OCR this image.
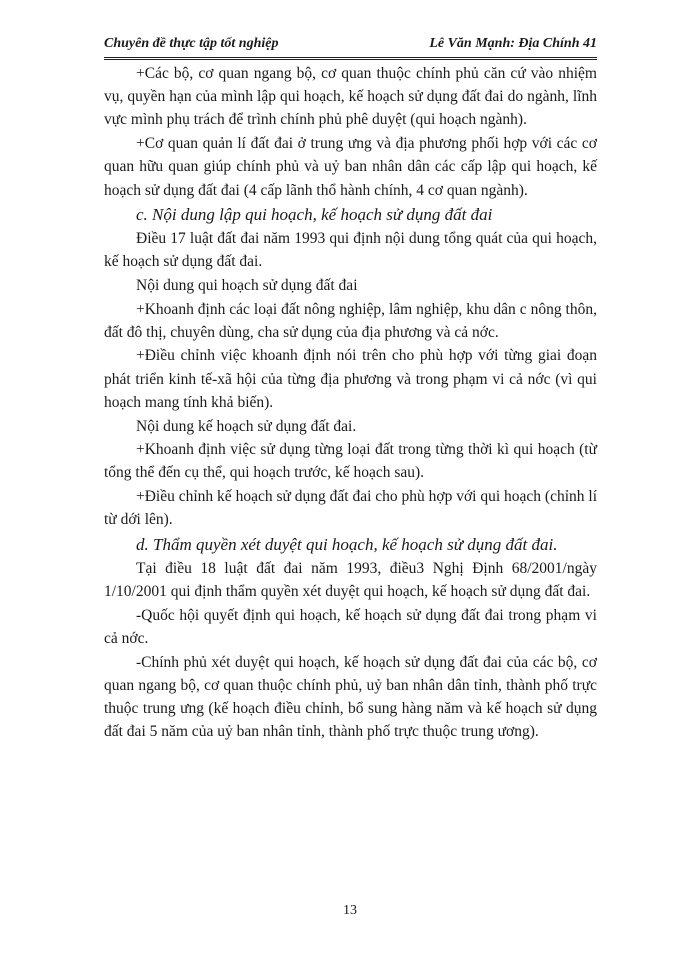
Chuyên đề thực tập tốt nghiệp	Lê Văn Mạnh: Địa Chính 41

+Các bộ, cơ quan ngang bộ, cơ quan thuộc chính phủ căn cứ vào nhiệm vụ, quyền hạn của mình lập qui hoạch, kế hoạch sử dụng đất đai do ngành, lĩnh vực mình phụ trách để trình chính phủ phê duyệt (qui hoạch ngành).

+Cơ quan quản lí đất đai ở trung ưng và địa phương phối hợp với các cơ quan hữu quan giúp chính phủ và uỷ ban nhân dân các cấp lập qui hoạch, kế hoạch sử dụng đất đai (4 cấp lãnh thổ hành chính, 4 cơ quan ngành).

c. Nội dung lập qui hoạch, kế hoạch sử dụng đất đai

Điều 17 luật đất đai năm 1993 qui định nội dung tổng quát của qui hoạch, kế hoạch sử dụng đất đai.

Nội dung qui hoạch sử dụng đất đai

+Khoanh định các loại đất nông nghiệp, lâm nghiệp, khu dân c nông thôn, đất đô thị, chuyên dùng, cha sử dụng của địa phương và cả nớc.

+Điều chỉnh việc khoanh định nói trên cho phù hợp với từng giai đoạn phát triển kinh tế-xã hội của từng địa phương và trong phạm vi cả nớc (vì qui hoạch mang tính khả biến).

Nội dung kế hoạch sử dụng đất đai.

+Khoanh định việc sử dụng từng loại đất trong từng thời kì qui hoạch (từ tổng thể đến cụ thể, qui hoạch trước, kế hoạch sau).

+Điều chỉnh kế hoạch sử dụng đất đai cho phù hợp với qui hoạch (chỉnh lí từ dới lên).

d. Thẩm quyền xét duyệt qui hoạch, kế hoạch sử dụng đất đai.

Tại điều 18 luật đất đai năm 1993, điều3 Nghị Định 68/2001/ngày 1/10/2001 qui định thẩm quyền xét duyệt qui hoạch, kế hoạch sử dụng đất đai.

-Quốc hội quyết định qui hoạch, kế hoạch sử dụng đất đai trong phạm vi cả nớc.

-Chính phủ xét duyệt qui hoạch, kế hoạch sử dụng đất đai của các bộ, cơ quan ngang bộ, cơ quan thuộc chính phủ, uỷ ban nhân dân tỉnh, thành phố trực thuộc trung ưng (kế hoạch điều chỉnh, bổ sung hàng năm và kế hoạch sử dụng đất đai 5 năm của uỷ ban nhân tỉnh, thành phố trực thuộc trung ương).

13
